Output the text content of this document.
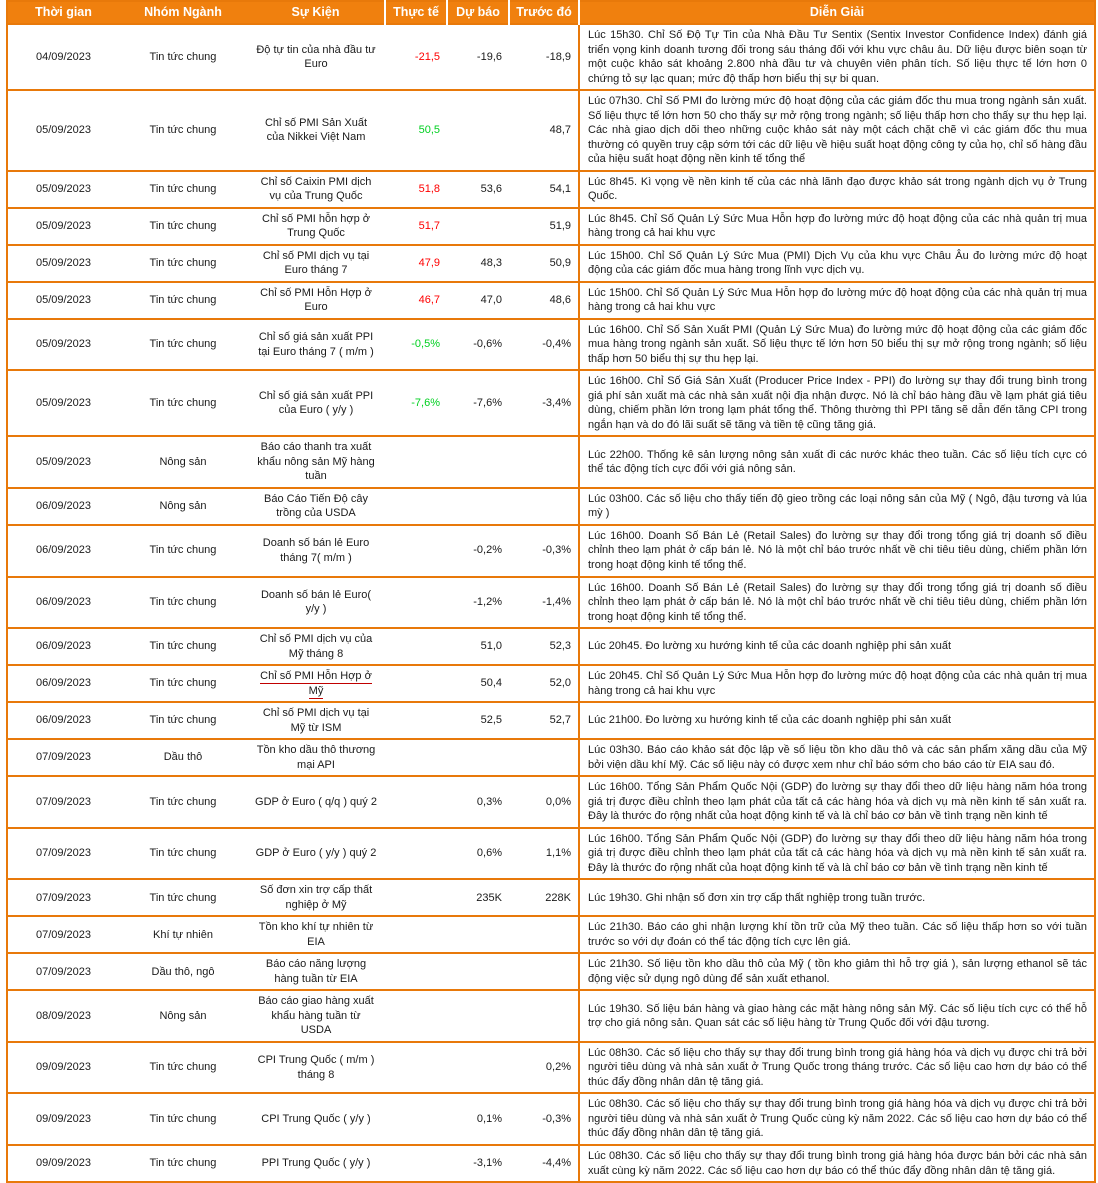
Thời gian	Nhóm Ngành	Sự Kiện	Thực tế	Dự báo	Trước đó	Diễn Giải
04/09/2023	Tin tức chung	Độ tự tin của nhà đầu tư Euro	-21,5	-19,6	-18,9	Lúc 15h30. Chỉ Số Độ Tự Tin của Nhà Đầu Tư Sentix (Sentix Investor Confidence Index) đánh giá triển vọng kinh doanh tương đối trong sáu tháng đối với khu vực châu âu. Dữ liệu được biên soạn từ một cuộc khảo sát khoảng 2.800 nhà đầu tư và chuyên viên phân tích. Số liệu thực tế lớn hơn 0 chứng tỏ sự lạc quan; mức độ thấp hơn biểu thị sự bi quan.
05/09/2023	Tin tức chung	Chỉ số PMI Sản Xuất của Nikkei Việt Nam	50,5		48,7	Lúc 07h30. Chỉ Số PMI đo lường mức độ hoạt động của các giám đốc thu mua trong ngành sản xuất. Số liệu thực tế lớn hơn 50 cho thấy sự mở rộng trong ngành; số liệu thấp hơn cho thấy sự thu hẹp lại. Các nhà giao dịch dõi theo những cuộc khảo sát này một cách chặt chẽ vì các giám đốc thu mua thường có quyền truy cập sớm tới các dữ liệu về hiệu suất hoạt động công ty của họ, chỉ số hàng đầu của hiệu suất hoạt động nền kinh tế tổng thể
05/09/2023	Tin tức chung	Chỉ số Caixin PMI dịch vụ của Trung Quốc	51,8	53,6	54,1	Lúc 8h45. Kì vọng về nền kinh tế của các nhà lãnh đạo được khảo sát trong ngành dịch vụ ở Trung Quốc.
05/09/2023	Tin tức chung	Chỉ số PMI hỗn hợp ở Trung Quốc	51,7		51,9	Lúc 8h45. Chỉ Số Quản Lý Sức Mua Hỗn hợp đo lường mức độ hoạt động của các nhà quản trị mua hàng trong cả hai khu vực
05/09/2023	Tin tức chung	Chỉ số PMI dịch vụ tại Euro tháng 7	47,9	48,3	50,9	Lúc 15h00. Chỉ Số Quản Lý Sức Mua (PMI) Dịch Vụ của khu vực Châu Âu đo lường mức độ hoạt động của các giám đốc mua hàng trong lĩnh vực dịch vụ.
05/09/2023	Tin tức chung	Chỉ số PMI Hỗn Hợp ở Euro	46,7	47,0	48,6	Lúc 15h00. Chỉ Số Quản Lý Sức Mua Hỗn hợp đo lường mức độ hoạt động của các nhà quản trị mua hàng trong cả hai khu vực
05/09/2023	Tin tức chung	Chỉ số giá sản xuất PPI tại Euro tháng 7 ( m/m )	-0,5%	-0,6%	-0,4%	Lúc 16h00. Chỉ Số Sản Xuất PMI (Quản Lý Sức Mua) đo lường mức độ hoạt động của các giám đốc mua hàng trong ngành sản xuất. Số liệu thực tế lớn hơn 50 biểu thị sự mở rộng trong ngành; số liệu thấp hơn 50 biểu thị sự thu hẹp lại.
05/09/2023	Tin tức chung	Chỉ số giá sản xuất PPI của Euro ( y/y )	-7,6%	-7,6%	-3,4%	Lúc 16h00. Chỉ Số Giá Sản Xuất (Producer Price Index - PPI) đo lường sự thay đổi trung bình trong giá phí sản xuất mà các nhà sản xuất nội địa nhận được. Nó là chỉ báo hàng đầu về lạm phát giá tiêu dùng, chiếm phần lớn trong lạm phát tổng thể. Thông thường thì PPI tăng sẽ dẫn đến tăng CPI trong ngắn hạn và do đó lãi suất sẽ tăng và tiền tệ cũng tăng giá.
05/09/2023	Nông sản	Báo cáo thanh tra xuất khẩu nông sản Mỹ hàng tuần				Lúc 22h00. Thống kê sản lượng nông sản xuất đi các nước khác theo tuần. Các số liệu tích cực có thể tác động tích cực đối với giá nông sản.
06/09/2023	Nông sản	Báo Cáo Tiến Độ cây trồng của USDA				Lúc 03h00. Các số liệu cho thấy tiến độ gieo trồng các loại nông sản của Mỹ ( Ngô, đậu tương và lúa mỳ )
06/09/2023	Tin tức chung	Doanh số bán lẻ Euro tháng 7( m/m )		-0,2%	-0,3%	Lúc 16h00. Doanh Số Bán Lẻ (Retail Sales) đo lường sự thay đổi trong tổng giá trị doanh số điều chỉnh theo lạm phát ở cấp bán lẻ. Nó là một chỉ báo trước nhất về chi tiêu tiêu dùng, chiếm phần lớn trong hoạt động kinh tế tổng thể.
06/09/2023	Tin tức chung	Doanh số bán lẻ Euro( y/y )		-1,2%	-1,4%	Lúc 16h00. Doanh Số Bán Lẻ (Retail Sales) đo lường sự thay đổi trong tổng giá trị doanh số điều chỉnh theo lạm phát ở cấp bán lẻ. Nó là một chỉ báo trước nhất về chi tiêu tiêu dùng, chiếm phần lớn trong hoạt động kinh tế tổng thể.
06/09/2023	Tin tức chung	Chỉ số PMI dịch vụ của Mỹ tháng 8		51,0	52,3	Lúc 20h45. Đo lường xu hướng kinh tế của các doanh nghiệp phi sản xuất
06/09/2023	Tin tức chung	Chỉ số PMI Hỗn Hợp ở Mỹ		50,4	52,0	Lúc 20h45. Chỉ Số Quản Lý Sức Mua Hỗn hợp đo lường mức độ hoạt động của các nhà quản trị mua hàng trong cả hai khu vực
06/09/2023	Tin tức chung	Chỉ số PMI dịch vụ tại Mỹ từ ISM		52,5	52,7	Lúc 21h00. Đo lường xu hướng kinh tế của các doanh nghiệp phi sản xuất
07/09/2023	Dầu thô	Tồn kho dầu thô thương mại API				Lúc 03h30. Báo cáo khảo sát độc lập về số liệu tồn kho dầu thô và các sản phẩm xăng dầu của Mỹ bởi viện dầu khí Mỹ. Các số liệu này có được xem như chỉ báo sớm cho báo cáo từ EIA sau đó.
07/09/2023	Tin tức chung	GDP ở Euro ( q/q ) quý 2		0,3%	0,0%	Lúc 16h00. Tổng Sản Phẩm Quốc Nội (GDP) đo lường sự thay đổi theo dữ liệu hàng năm hóa trong giá trị được điều chỉnh theo lạm phát của tất cả các hàng hóa và dịch vụ mà nền kinh tế sản xuất ra. Đây là thước đo rộng nhất của hoạt động kinh tế và là chỉ báo cơ bản về tình trạng nền kinh tế
07/09/2023	Tin tức chung	GDP ở Euro ( y/y ) quý 2		0,6%	1,1%	Lúc 16h00. Tổng Sản Phẩm Quốc Nội (GDP) đo lường sự thay đổi theo dữ liệu hàng năm hóa trong giá trị được điều chỉnh theo lạm phát của tất cả các hàng hóa và dịch vụ mà nền kinh tế sản xuất ra. Đây là thước đo rộng nhất của hoạt động kinh tế và là chỉ báo cơ bản về tình trạng nền kinh tế
07/09/2023	Tin tức chung	Số đơn xin trợ cấp thất nghiệp ở Mỹ		235K	228K	Lúc 19h30. Ghi nhận số đơn xin trợ cấp thất nghiệp trong tuần trước.
07/09/2023	Khí tự nhiên	Tồn kho khí tự nhiên từ EIA				Lúc 21h30. Báo cáo ghi nhận lượng khí tồn trữ của Mỹ theo tuần. Các số liệu thấp hơn so với tuần trước so với dự đoán có thể tác động tích cực lên giá.
07/09/2023	Dầu thô, ngô	Báo cáo năng lượng hàng tuần từ EIA				Lúc 21h30. Số liệu tồn kho dầu thô của Mỹ ( tồn kho giảm thì hỗ trợ giá ), sản lượng ethanol sẽ tác động việc sử dụng ngô dùng để sản xuất ethanol.
08/09/2023	Nông sản	Báo cáo giao hàng xuất khẩu hàng tuần từ USDA				Lúc 19h30. Số liệu bán hàng và giao hàng các mặt hàng nông sản Mỹ. Các số liệu tích cực có thể hỗ trợ cho giá nông sản. Quan sát các số liệu hàng từ Trung Quốc đối với đậu tương.
09/09/2023	Tin tức chung	CPI Trung Quốc ( m/m ) tháng 8			0,2%	Lúc 08h30. Các số liệu cho thấy sự thay đổi trung bình trong giá hàng hóa và dịch vụ được chi trả bởi người tiêu dùng và nhà sản xuất ở Trung Quốc trong tháng trước. Các số liệu cao hơn dự báo có thể thúc đẩy đồng nhân dân tệ tăng giá.
09/09/2023	Tin tức chung	CPI Trung Quốc ( y/y )		0,1%	-0,3%	Lúc 08h30. Các số liệu cho thấy sự thay đổi trung bình trong giá hàng hóa và dịch vụ được chi trả bởi người tiêu dùng và nhà sản xuất ở Trung Quốc cùng kỳ năm 2022. Các số liệu cao hơn dự báo có thể thúc đẩy đồng nhân dân tệ tăng giá.
09/09/2023	Tin tức chung	PPI Trung Quốc ( y/y )		-3,1%	-4,4%	Lúc 08h30. Các số liệu cho thấy sự thay đổi trung bình trong giá hàng hóa được bán bởi các nhà sản xuất cùng kỳ năm 2022. Các số liệu cao hơn dự báo có thể thúc đẩy đồng nhân dân tệ tăng giá.
